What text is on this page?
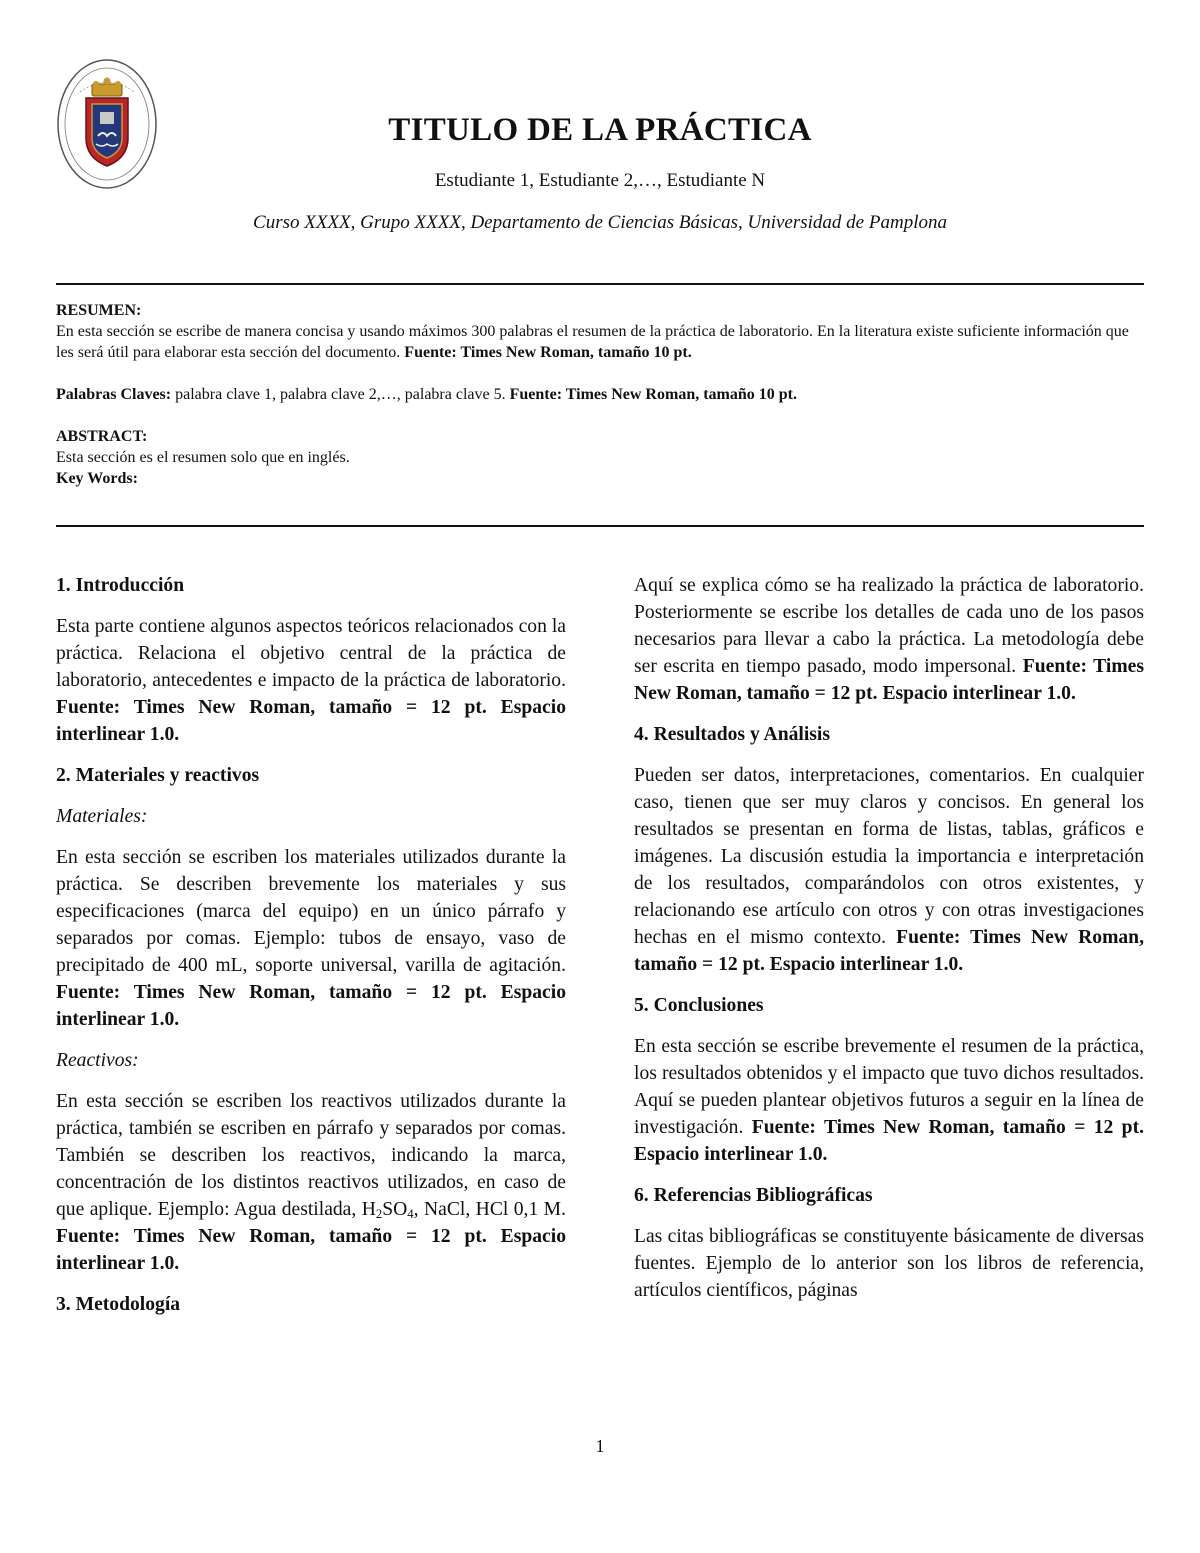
TITULO DE LA PRÁCTICA
Estudiante 1, Estudiante 2,…, Estudiante N
Curso XXXX, Grupo XXXX, Departamento de Ciencias Básicas, Universidad de Pamplona

RESUMEN:

En esta sección se escribe de manera concisa y usando máximos 300 palabras el resumen de la práctica de laboratorio. En la literatura existe suficiente información que les será útil para elaborar esta sección del documento. Fuente: Times New Roman, tamaño 10 pt.

Palabras Claves: palabra clave 1, palabra clave 2,…, palabra clave 5. Fuente: Times New Roman, tamaño 10 pt.

ABSTRACT:

Esta sección es el resumen solo que en inglés.

Key Words:

1. Introducción

Esta parte contiene algunos aspectos teóricos relacionados con la práctica. Relaciona el objetivo central de la práctica de laboratorio, antecedentes e impacto de la práctica de laboratorio. Fuente: Times New Roman, tamaño = 12 pt. Espacio interlinear 1.0.

2. Materiales y reactivos

Materiales:

En esta sección se escriben los materiales utilizados durante la práctica. Se describen brevemente los materiales y sus especificaciones (marca del equipo) en un único párrafo y separados por comas. Ejemplo: tubos de ensayo, vaso de precipitado de 400 mL, soporte universal, varilla de agitación. Fuente: Times New Roman, tamaño = 12 pt. Espacio interlinear 1.0.

Reactivos:

En esta sección se escriben los reactivos utilizados durante la práctica, también se escriben en párrafo y separados por comas. También se describen los reactivos, indicando la marca, concentración de los distintos reactivos utilizados, en caso de que aplique. Ejemplo: Agua destilada, $H_2SO_4$, NaCl, HCl 0,1 M. Fuente: Times New Roman, tamaño = 12 pt. Espacio interlinear 1.0.

3. Metodología

Aquí se explica cómo se ha realizado la práctica de laboratorio. Posteriormente se escribe los detalles de cada uno de los pasos necesarios para llevar a cabo la práctica. La metodología debe ser escrita en tiempo pasado, modo impersonal. Fuente: Times New Roman, tamaño = 12 pt. Espacio interlinear 1.0.

4. Resultados y Análisis

Pueden ser datos, interpretaciones, comentarios. En cualquier caso, tienen que ser muy claros y concisos. En general los resultados se presentan en forma de listas, tablas, gráficos e imágenes. La discusión estudia la importancia e interpretación de los resultados, comparándolos con otros existentes, y relacionando ese artículo con otros y con otras investigaciones hechas en el mismo contexto. Fuente: Times New Roman, tamaño = 12 pt. Espacio interlinear 1.0.

5. Conclusiones

En esta sección se escribe brevemente el resumen de la práctica, los resultados obtenidos y el impacto que tuvo dichos resultados. Aquí se pueden plantear objetivos futuros a seguir en la línea de investigación. Fuente: Times New Roman, tamaño = 12 pt. Espacio interlinear 1.0.

6. Referencias Bibliográficas

Las citas bibliográficas se constituyente básicamente de diversas fuentes. Ejemplo de lo anterior son los libros de referencia, artículos científicos, páginas

1
